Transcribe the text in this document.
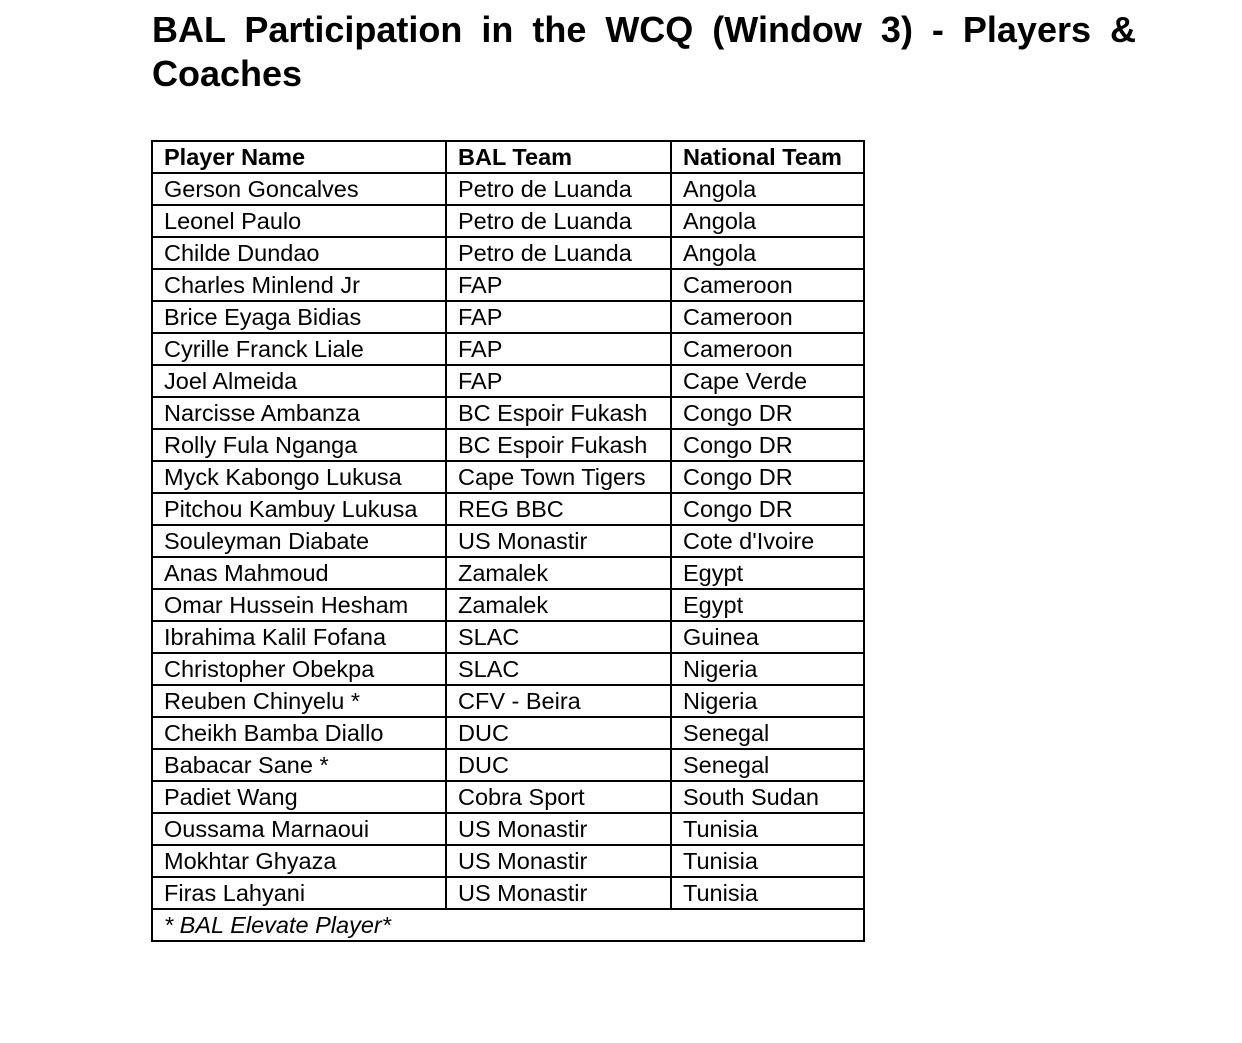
BAL Participation in the WCQ (Window 3) - Players & Coaches
Player Name	BAL Team	National Team
Gerson Goncalves	Petro de Luanda	Angola
Leonel Paulo	Petro de Luanda	Angola
Childe Dundao	Petro de Luanda	Angola
Charles Minlend Jr	FAP	Cameroon
Brice Eyaga Bidias	FAP	Cameroon
Cyrille Franck Liale	FAP	Cameroon
Joel Almeida	FAP	Cape Verde
Narcisse Ambanza	BC Espoir Fukash	Congo DR
Rolly Fula Nganga	BC Espoir Fukash	Congo DR
Myck Kabongo Lukusa	Cape Town Tigers	Congo DR
Pitchou Kambuy Lukusa	REG BBC	Congo DR
Souleyman Diabate	US Monastir	Cote d'Ivoire
Anas Mahmoud	Zamalek	Egypt
Omar Hussein Hesham	Zamalek	Egypt
Ibrahima Kalil Fofana	SLAC	Guinea
Christopher Obekpa	SLAC	Nigeria
Reuben Chinyelu *	CFV - Beira	Nigeria
Cheikh Bamba Diallo	DUC	Senegal
Babacar Sane *	DUC	Senegal
Padiet Wang	Cobra Sport	South Sudan
Oussama Marnaoui	US Monastir	Tunisia
Mokhtar Ghyaza	US Monastir	Tunisia
Firas Lahyani	US Monastir	Tunisia
* BAL Elevate Player*		
